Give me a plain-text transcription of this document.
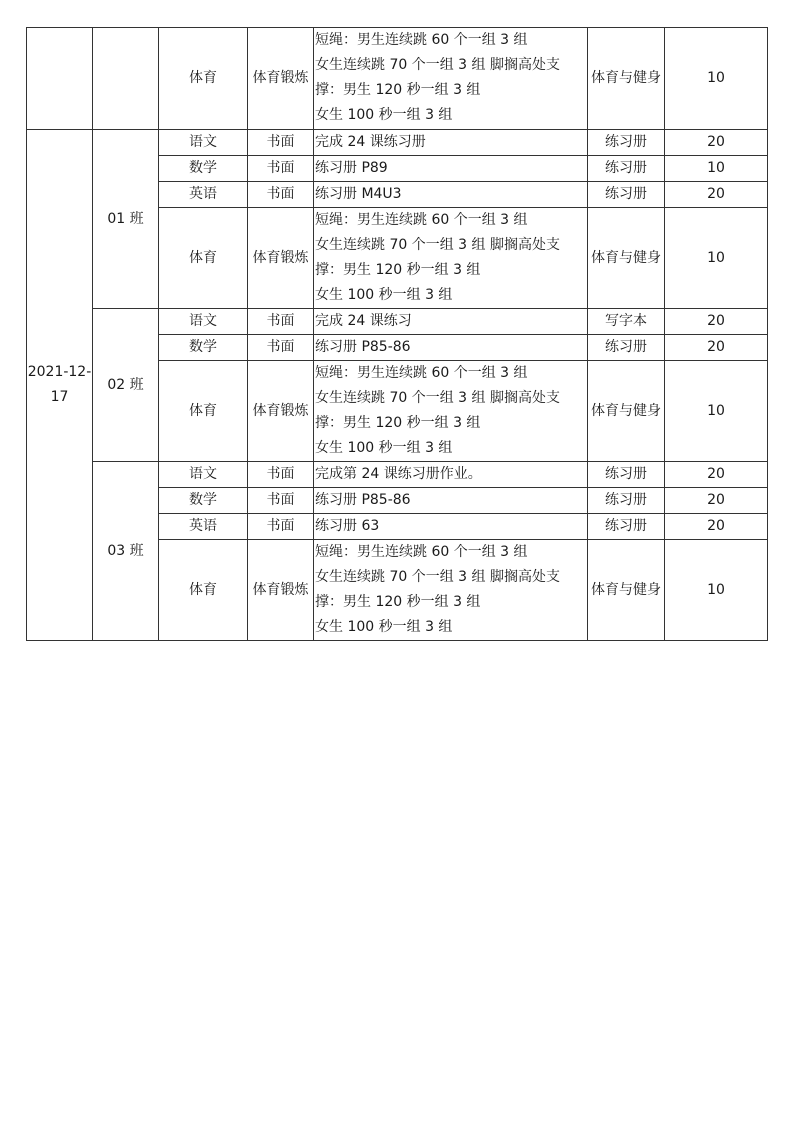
		体育	体育锻炼	短绳：男生连续跳 60 个一组 3 组
女生连续跳 70 个一组 3 组 脚搁高处支
撑：男生 120 秒一组 3 组
女生 100 秒一组 3 组	体育与健身	10

2021-12-
17	01 班	语文	书面	完成 24 课练习册	练习册	20
		数学	书面	练习册 P89	练习册	10
		英语	书面	练习册 M4U3	练习册	20
		体育	体育锻炼	短绳：男生连续跳 60 个一组 3 组
女生连续跳 70 个一组 3 组 脚搁高处支
撑：男生 120 秒一组 3 组
女生 100 秒一组 3 组	体育与健身	10
	02 班	语文	书面	完成 24 课练习	写字本	20
		数学	书面	练习册 P85-86	练习册	20
		体育	体育锻炼	短绳：男生连续跳 60 个一组 3 组
女生连续跳 70 个一组 3 组 脚搁高处支
撑：男生 120 秒一组 3 组
女生 100 秒一组 3 组	体育与健身	10
	03 班	语文	书面	完成第 24 课练习册作业。	练习册	20
		数学	书面	练习册 P85-86	练习册	20
		英语	书面	练习册 63	练习册	20
		体育	体育锻炼	短绳：男生连续跳 60 个一组 3 组
女生连续跳 70 个一组 3 组 脚搁高处支
撑：男生 120 秒一组 3 组
女生 100 秒一组 3 组	体育与健身	10
